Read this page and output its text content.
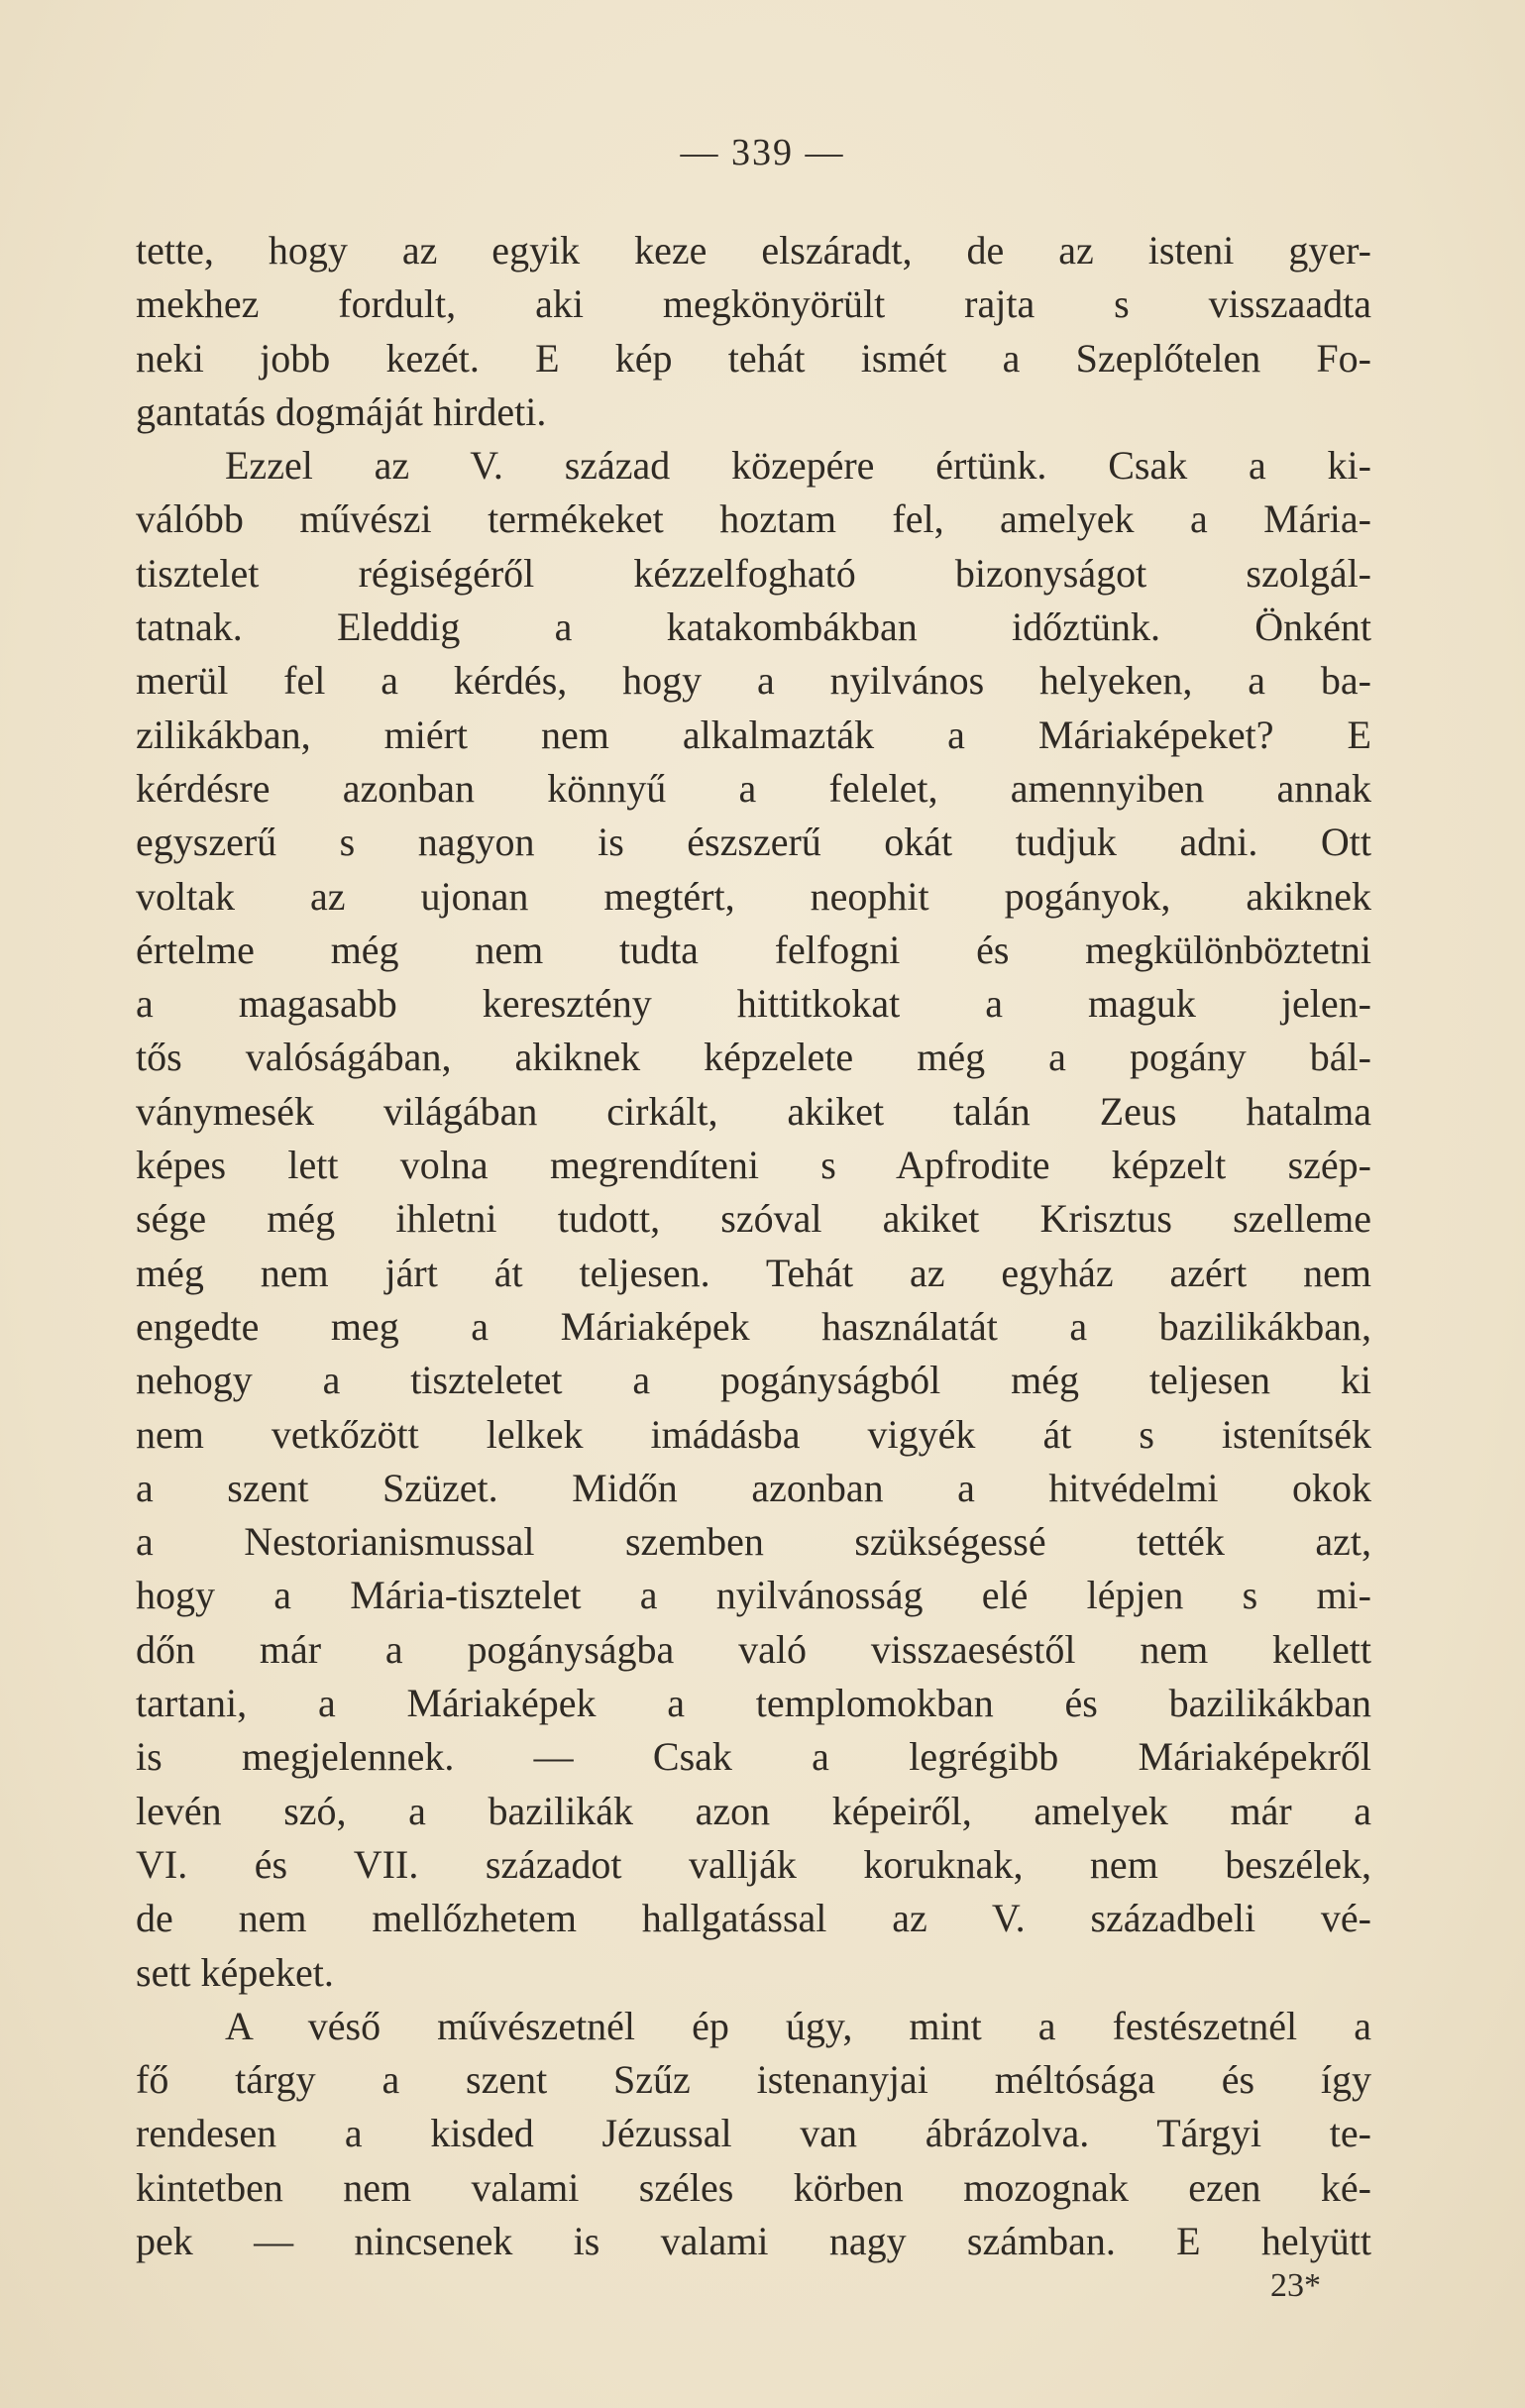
— 339 —
tette, hogy az egyik keze elszáradt, de az isteni gyer-
mekhez fordult, aki megkönyörült rajta s visszaadta
neki jobb kezét. E kép tehát ismét a Szeplőtelen Fo-
gantatás dogmáját hirdeti.
Ezzel az V. század közepére értünk. Csak a ki-
válóbb művészi termékeket hoztam fel, amelyek a Mária-
tisztelet régiségéről kézzelfogható bizonyságot szolgál-
tatnak. Eleddig a katakombákban időztünk. Önként
merül fel a kérdés, hogy a nyilvános helyeken, a ba-
zilikákban, miért nem alkalmazták a Máriaképeket? E
kérdésre azonban könnyű a felelet, amennyiben annak
egyszerű s nagyon is észszerű okát tudjuk adni. Ott
voltak az ujonan megtért, neophit pogányok, akiknek
értelme még nem tudta felfogni és megkülönböztetni
a magasabb keresztény hittitkokat a maguk jelen-
tős valóságában, akiknek képzelete még a pogány bál-
ványmesék világában cirkált, akiket talán Zeus hatalma
képes lett volna megrendíteni s Apfrodite képzelt szép-
sége még ihletni tudott, szóval akiket Krisztus szelleme
még nem járt át teljesen. Tehát az egyház azért nem
engedte meg a Máriaképek használatát a bazilikákban,
nehogy a tiszteletet a pogányságból még teljesen ki
nem vetkőzött lelkek imádásba vigyék át s istenítsék
a szent Szüzet. Midőn azonban a hitvédelmi okok
a Nestorianismussal szemben szükségessé tették azt,
hogy a Mária-tisztelet a nyilvánosság elé lépjen s mi-
dőn már a pogányságba való visszaeséstől nem kellett
tartani, a Máriaképek a templomokban és bazilikákban
is megjelennek. — Csak a legrégibb Máriaképekről
levén szó, a bazilikák azon képeiről, amelyek már a
VI. és VII. századot vallják koruknak, nem beszélek,
de nem mellőzhetem hallgatással az V. századbeli vé-
sett képeket.
A véső művészetnél ép úgy, mint a festészetnél a
fő tárgy a szent Szűz istenanyjai méltósága és így
rendesen a kisded Jézussal van ábrázolva. Tárgyi te-
kintetben nem valami széles körben mozognak ezen ké-
pek — nincsenek is valami nagy számban. E helyütt
23*
